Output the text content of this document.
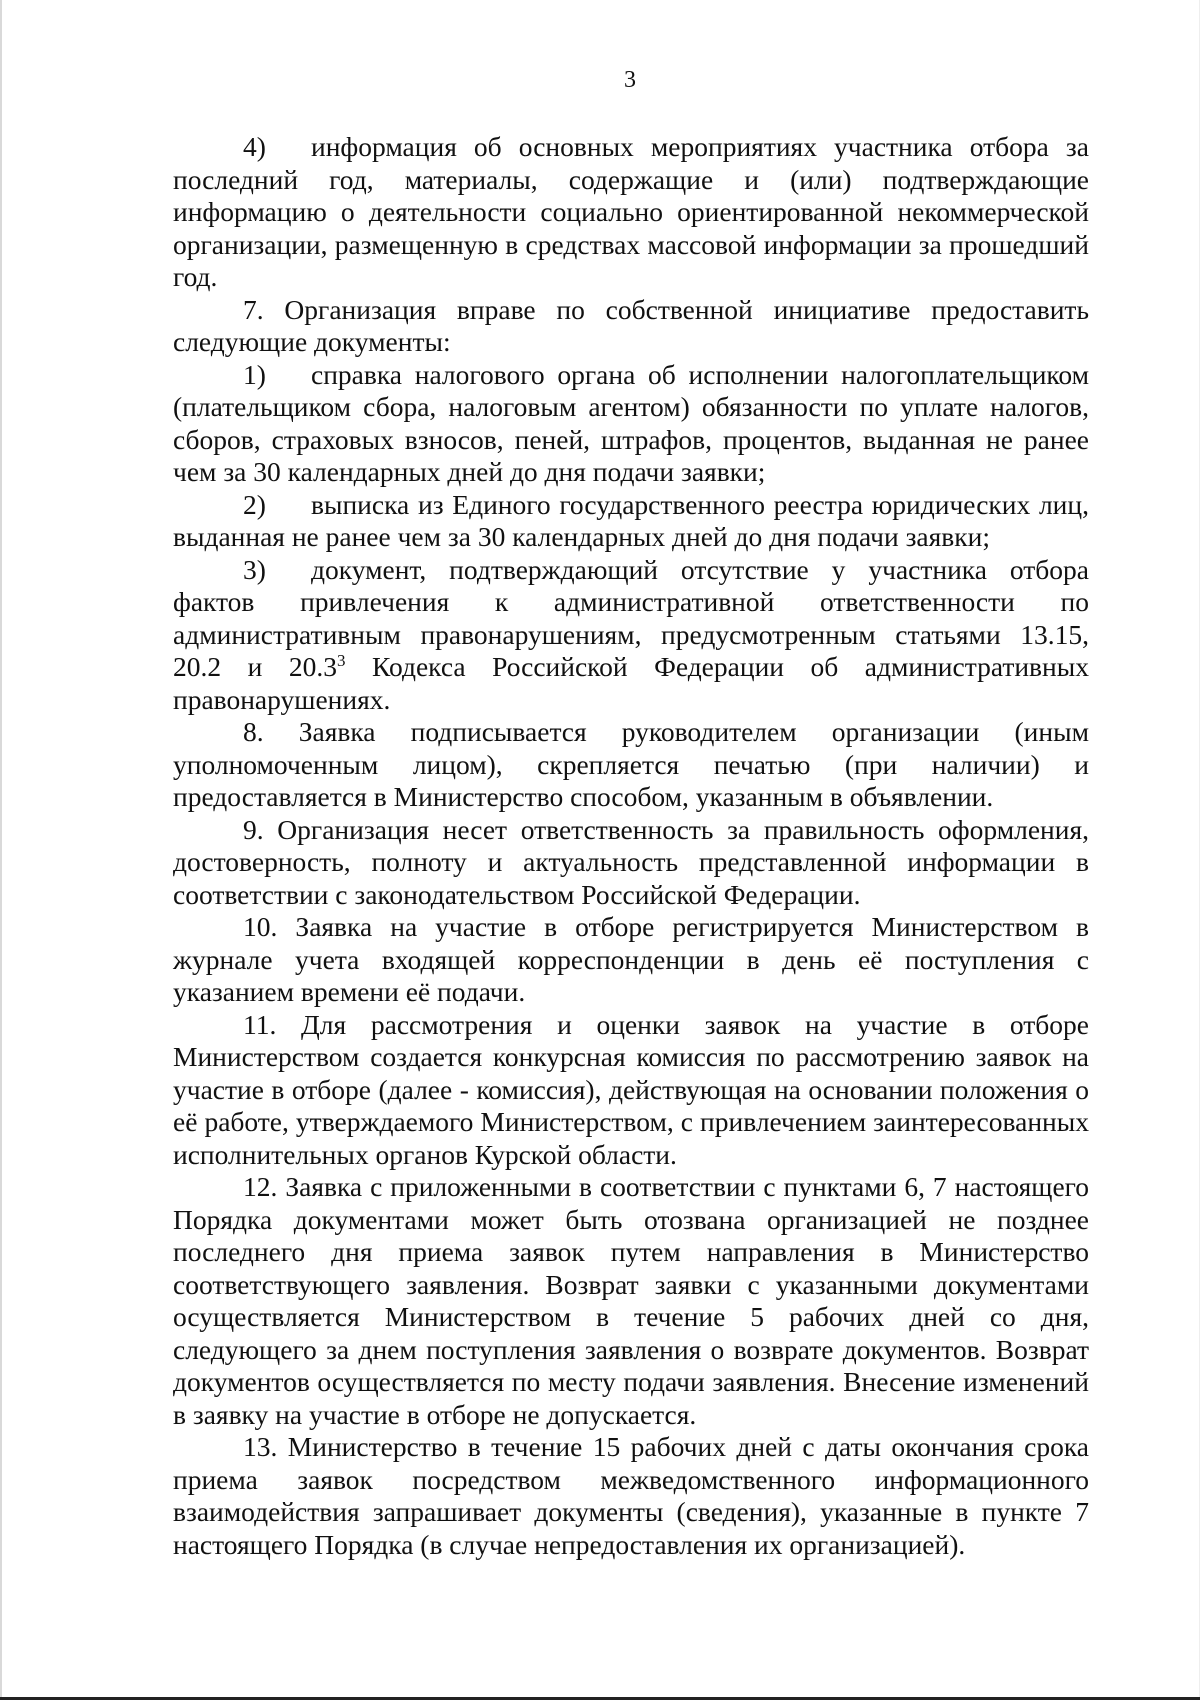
3

4) информация об основных мероприятиях участника отбора за последний год, материалы, содержащие и (или) подтверждающие информацию о деятельности социально ориентированной некоммерческой организации, размещенную в средствах массовой информации за прошедший год.

7. Организация вправе по собственной инициативе предоставить следующие документы:

1) справка налогового органа об исполнении налогоплательщиком (плательщиком сбора, налоговым агентом) обязанности по уплате налогов, сборов, страховых взносов, пеней, штрафов, процентов, выданная не ранее чем за 30 календарных дней до дня подачи заявки;

2) выписка из Единого государственного реестра юридических лиц, выданная не ранее чем за 30 календарных дней до дня подачи заявки;

3) документ, подтверждающий отсутствие у участника отбора фактов привлечения к административной ответственности по административным правонарушениям, предусмотренным статьями 13.15, 20.2 и 20.3$^3$ Кодекса Российской Федерации об административных правонарушениях.

8. Заявка подписывается руководителем организации (иным уполномоченным лицом), скрепляется печатью (при наличии) и предоставляется в Министерство способом, указанным в объявлении.

9. Организация несет ответственность за правильность оформления, достоверность, полноту и актуальность представленной информации в соответствии с законодательством Российской Федерации.

10. Заявка на участие в отборе регистрируется Министерством в журнале учета входящей корреспонденции в день её поступления с указанием времени её подачи.

11. Для рассмотрения и оценки заявок на участие в отборе Министерством создается конкурсная комиссия по рассмотрению заявок на участие в отборе (далее - комиссия), действующая на основании положения о её работе, утверждаемого Министерством, с привлечением заинтересованных исполнительных органов Курской области.

12. Заявка с приложенными в соответствии с пунктами 6, 7 настоящего Порядка документами может быть отозвана организацией не позднее последнего дня приема заявок путем направления в Министерство соответствующего заявления. Возврат заявки с указанными документами осуществляется Министерством в течение 5 рабочих дней со дня, следующего за днем поступления заявления о возврате документов. Возврат документов осуществляется по месту подачи заявления. Внесение изменений в заявку на участие в отборе не допускается.

13. Министерство в течение 15 рабочих дней с даты окончания срока приема заявок посредством межведомственного информационного взаимодействия запрашивает документы (сведения), указанные в пункте 7 настоящего Порядка (в случае непредоставления их организацией).
